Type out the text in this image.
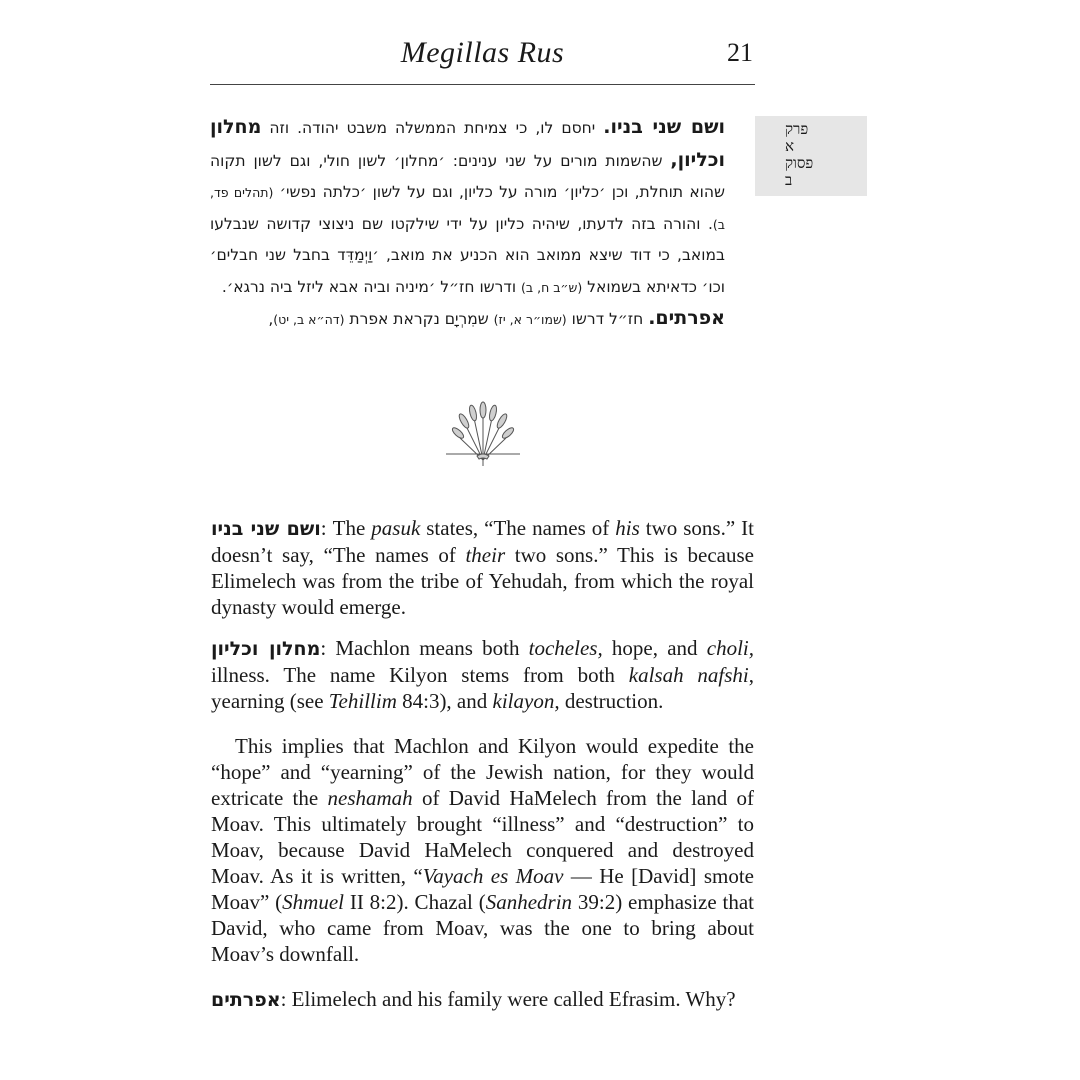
Megillas Rus	21
פרק
א
פסוק
ב

ושם שני בניו. יחסם לו, כי צמיחת הממשלה משבט יהודה. וזה מחלון וכליון, שהשמות מורים על שני ענינים: ׳מחלון׳ לשון חולי, וגם לשון תקוה שהוא תוחלת, וכן ׳כליון׳ מורה על כליון, וגם על לשון ׳כלתה נפשי׳ (תהלים פד, ב). והורה בזה לדעתו, שיהיה כליון על ידי שילקטו שם ניצוצי קדושה שנבלעו במואב, כי דוד שיצא ממואב הוא הכניע את מואב, ׳וַיְמַדֵּד בחבל שני חבלים׳ וכו׳ כדאיתא בשמואל (ש״ב ח, ב) ודרשו חז״ל ׳מיניה וביה אבא ליזל ביה נרגא׳.

אפרתים. חז״ל דרשו (שמו״ר א, יז) שמִרְיָם נקראת אפרת (דה״א ב, יט),

ושם שני בניו: The pasuk states, “The names of his two sons.” It doesn’t say, “The names of their two sons.” This is because Elimelech was from the tribe of Yehudah, from which the royal dynasty would emerge.

מחלון וכליון: Machlon means both tocheles, hope, and choli, illness. The name Kilyon stems from both kalsah nafshi, yearning (see Tehillim 84:3), and kilayon, destruction.

This implies that Machlon and Kilyon would expedite the “hope” and “yearning” of the Jewish nation, for they would extricate the neshamah of David HaMelech from the land of Moav. This ultimately brought “illness” and “destruction” to Moav, because David HaMelech conquered and destroyed Moav. As it is written, “Vayach es Moav — He [David] smote Moav” (Shmuel II 8:2). Chazal (Sanhedrin 39:2) emphasize that David, who came from Moav, was the one to bring about Moav’s downfall.

אפרתים: Elimelech and his family were called Efrasim. Why?
